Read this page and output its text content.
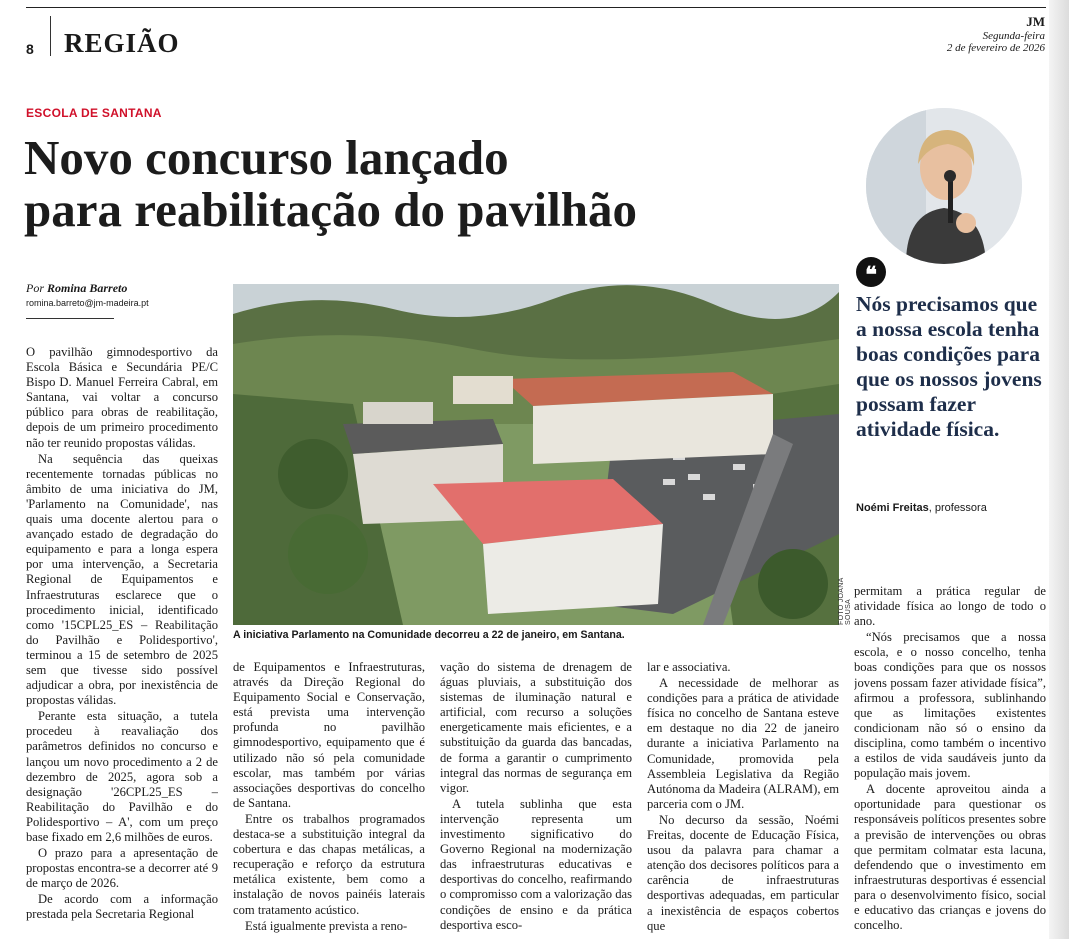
8 REGIÃO
JM
Segunda-feira
2 de fevereiro de 2026
ESCOLA DE SANTANA
Novo concurso lançado
para reabilitação do pavilhão
Por Romina Barreto
romina.barreto@jm-madeira.pt

O pavilhão gimnodesportivo da Escola Básica e Secundária PE/C Bispo D. Manuel Ferreira Cabral, em Santana, vai voltar a concurso público para obras de reabilitação, depois de um primeiro procedimento não ter reunido propostas válidas.

Na sequência das queixas recentemente tornadas públicas no âmbito de uma iniciativa do JM, 'Parlamento na Comunidade', nas quais uma docente alertou para o avançado estado de degradação do equipamento e para a longa espera por uma intervenção, a Secretaria Regional de Equipamentos e Infraestruturas esclarece que o procedimento inicial, identificado como '15CPL25_ES – Reabilitação do Pavilhão e Polidesportivo', terminou a 15 de setembro de 2025 sem que tivesse sido possível adjudicar a obra, por inexistência de propostas válidas.

Perante esta situação, a tutela procedeu à reavaliação dos parâmetros definidos no concurso e lançou um novo procedimento a 2 de dezembro de 2025, agora sob a designação '26CPL25_ES – Reabilitação do Pavilhão e do Polidesportivo – A', com um preço base fixado em 2,6 milhões de euros.

O prazo para a apresentação de propostas encontra-se a decorrer até 9 de março de 2026.

De acordo com a informação prestada pela Secretaria Regional

A iniciativa Parlamento na Comunidade decorreu a 22 de janeiro, em Santana.
FOTO JOANA SOUSA

de Equipamentos e Infraestruturas, através da Direção Regional do Equipamento Social e Conservação, está prevista uma intervenção profunda no pavilhão gimnodesportivo, equipamento que é utilizado não só pela comunidade escolar, mas também por várias associações desportivas do concelho de Santana.

Entre os trabalhos programados destaca-se a substituição integral da cobertura e das chapas metálicas, a recuperação e reforço da estrutura metálica existente, bem como a instalação de novos painéis laterais com tratamento acústico.

Está igualmente prevista a reno-

vação do sistema de drenagem de águas pluviais, a substituição dos sistemas de iluminação natural e artificial, com recurso a soluções energeticamente mais eficientes, e a substituição da guarda das bancadas, de forma a garantir o cumprimento integral das normas de segurança em vigor.

A tutela sublinha que esta intervenção representa um investimento significativo do Governo Regional na modernização das infraestruturas educativas e desportivas do concelho, reafirmando o compromisso com a valorização das condições de ensino e da prática desportiva esco-

lar e associativa.

A necessidade de melhorar as condições para a prática de atividade física no concelho de Santana esteve em destaque no dia 22 de janeiro durante a iniciativa Parlamento na Comunidade, promovida pela Assembleia Legislativa da Região Autónoma da Madeira (ALRAM), em parceria com o JM.

No decurso da sessão, Noémi Freitas, docente de Educação Física, usou da palavra para chamar a atenção dos decisores políticos para a carência de infraestruturas desportivas adequadas, em particular a inexistência de espaços cobertos que

❝
Nós precisamos que a nossa escola tenha boas condições para que os nossos jovens possam fazer atividade física.
Noémi Freitas, professora

permitam a prática regular de atividade física ao longo de todo o ano.

“Nós precisamos que a nossa escola, e o nosso concelho, tenha boas condições para que os nossos jovens possam fazer atividade física”, afirmou a professora, sublinhando que as limitações existentes condicionam não só o ensino da disciplina, como também o incentivo a estilos de vida saudáveis junto da população mais jovem.

A docente aproveitou ainda a oportunidade para questionar os responsáveis políticos presentes sobre a previsão de intervenções ou obras que permitam colmatar esta lacuna, defendendo que o investimento em infraestruturas desportivas é essencial para o desenvolvimento físico, social e educativo das crianças e jovens do concelho.
